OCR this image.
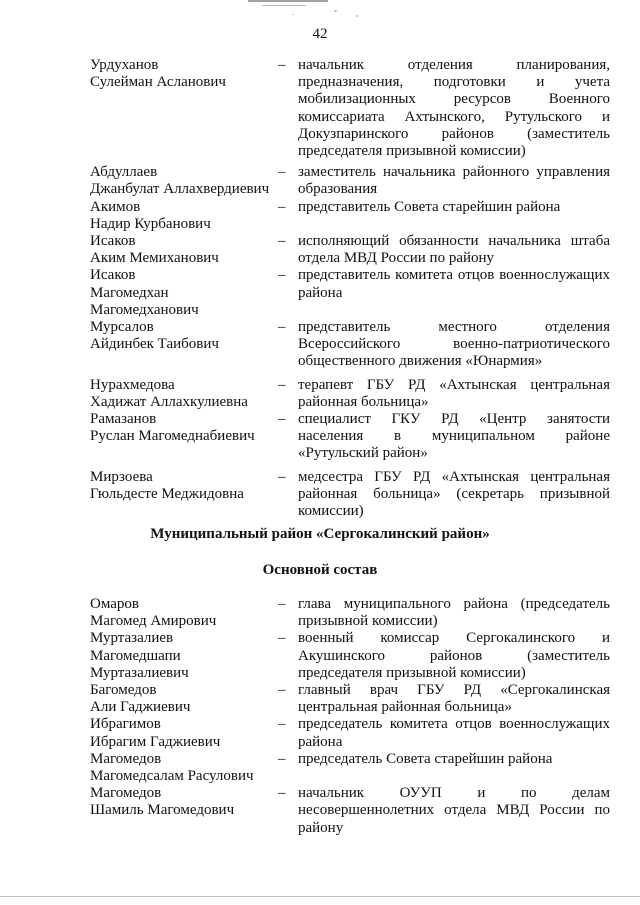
42
Урдуханов
Сулейман Асланович
– начальник отделения планирования, предназначения, подготовки и учета мобилизационных ресурсов Военного комиссариата Ахтынского, Рутульского и Докузпаринского районов (заместитель председателя призывной комиссии)
Абдуллаев
Джанбулат Аллахвердиевич
– заместитель начальника районного управления образования
Акимов
Надир Курбанович
– представитель Совета старейшин района
Исаков
Аким Мемиханович
– исполняющий обязанности начальника штаба отдела МВД России по району
Исаков
Магомедхан
Магомедханович
– представитель комитета отцов военнослужащих района
Мурсалов
Айдинбек Таибович
– представитель местного отделения Всероссийского военно-патриотического общественного движения «Юнармия»
Нурахмедова
Хадижат Аллахкулиевна
– терапевт ГБУ РД «Ахтынская центральная районная больница»
Рамазанов
Руслан Магомеднабиевич
– специалист ГКУ РД «Центр занятости населения в муниципальном районе «Рутульский район»
Мирзоева
Гюльдесте Меджидовна
– медсестра ГБУ РД «Ахтынская центральная районная больница» (секретарь призывной комиссии)
Муниципальный район «Сергокалинский район»
Основной состав
Омаров
Магомед Амирович
– глава муниципального района (председатель призывной комиссии)
Муртазалиев
Магомедшапи
Муртазалиевич
– военный комиссар Сергокалинского и Акушинского районов (заместитель председателя призывной комиссии)
Багомедов
Али Гаджиевич
– главный врач ГБУ РД «Сергокалинская центральная районная больница»
Ибрагимов
Ибрагим Гаджиевич
– председатель комитета отцов военнослужащих района
Магомедов
Магомедсалам Расулович
– председатель Совета старейшин района
Магомедов
Шамиль Магомедович
– начальник ОУУП и по делам несовершеннолетних отдела МВД России по району
